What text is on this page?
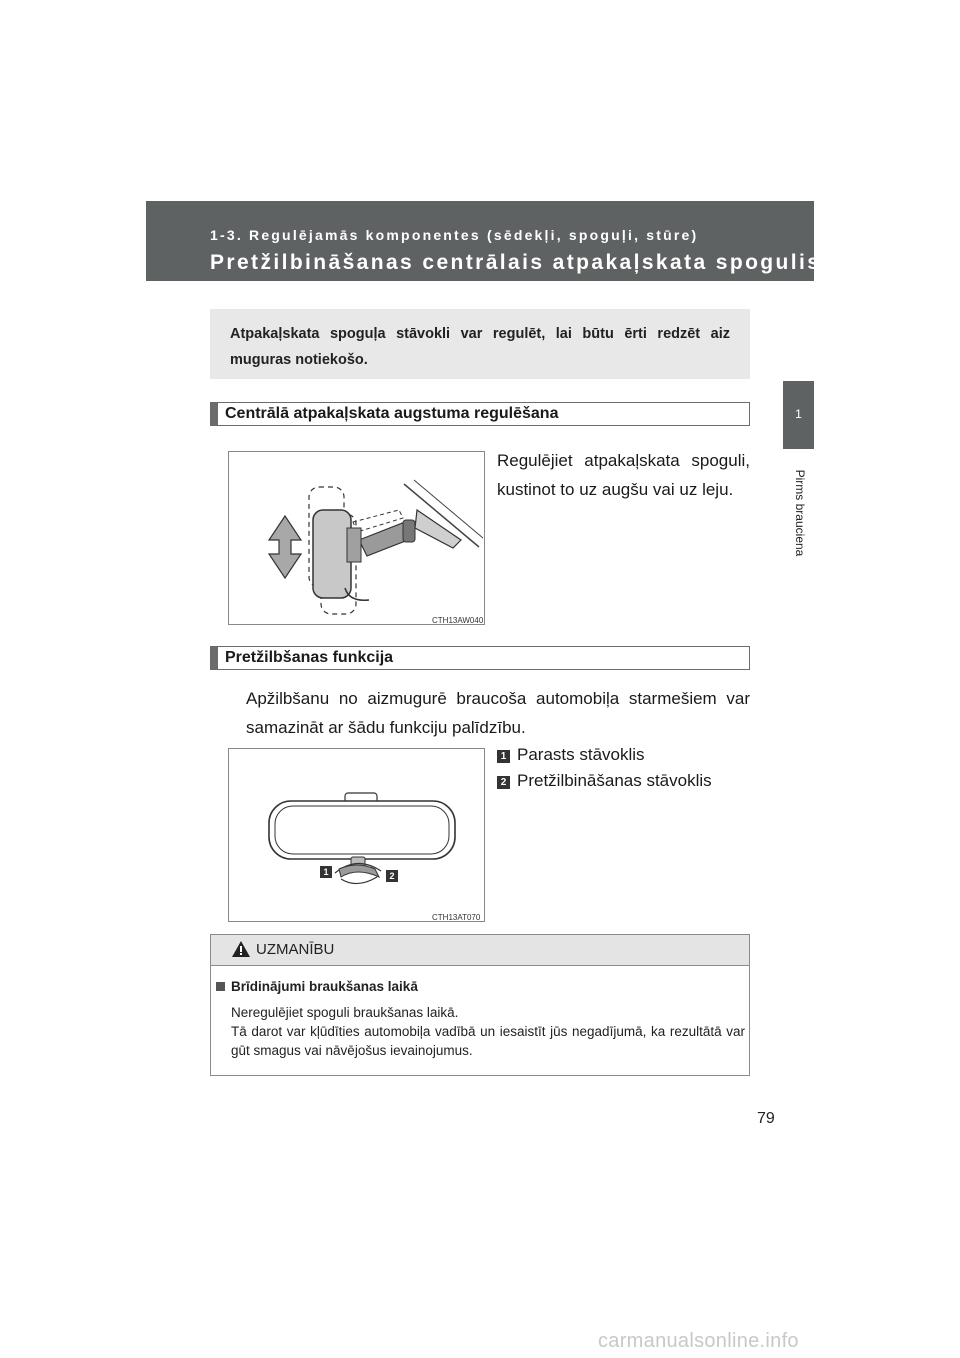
1-3. Regulējamās komponentes (sēdekļi, spoguļi, stūre)
Pretžilbināšanas centrālais atpakaļskata spogulis
1
Pirms brauciena
Atpakaļskata spoguļa stāvokli var regulēt, lai būtu ērti redzēt aiz muguras notiekošo.
Centrālā atpakaļskata augstuma regulēšana
CTH13AW040
Regulējiet atpakaļskata spoguli, kustinot to uz augšu vai uz leju.
Pretžilbšanas funkcija
Apžilbšanu no aizmugurē braucoša automobiļa starmešiem var samazināt ar šādu funkciju palīdzību.
1	2
CTH13AT070
1 Parasts stāvoklis
2 Pretžilbināšanas stāvoklis
UZMANĪBU
Brīdinājumi braukšanas laikā
Neregulējiet spoguli braukšanas laikā.
Tā darot var kļūdīties automobiļa vadībā un iesaistīt jūs negadījumā, ka rezultātā var gūt smagus vai nāvējošus ievainojumus.
79
carmanualsonline.info
